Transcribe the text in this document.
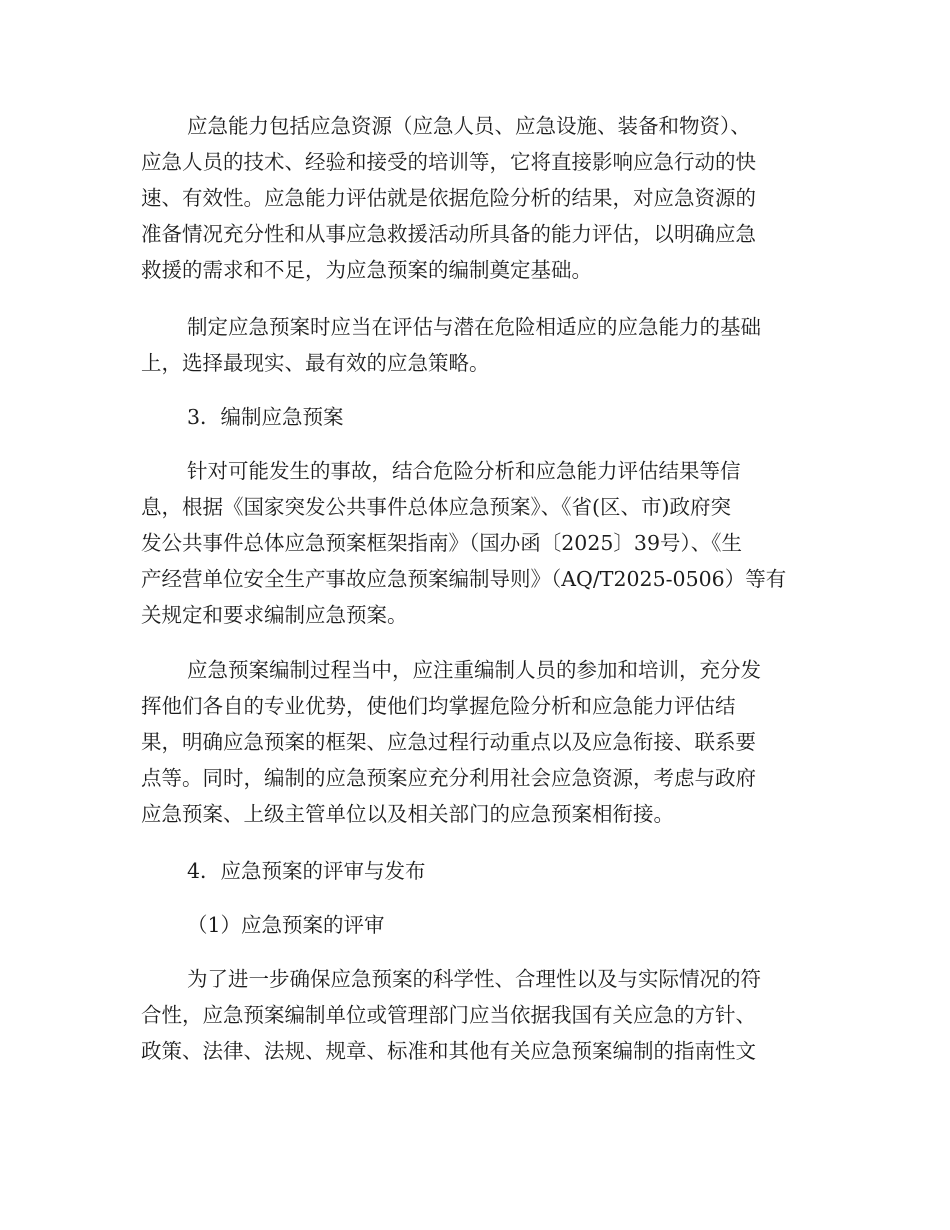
应急能力包括应急资源（应急人员、应急设施、装备和物资）、
应急人员的技术、经验和接受的培训等，它将直接影响应急行动的快
速、有效性。应急能力评估就是依据危险分析的结果，对应急资源的
准备情况充分性和从事应急救援活动所具备的能力评估，以明确应急
救援的需求和不足，为应急预案的编制奠定基础。
制定应急预案时应当在评估与潜在危险相适应的应急能力的基础
上，选择最现实、最有效的应急策略。
3．编制应急预案
针对可能发生的事故，结合危险分析和应急能力评估结果等信
息，根据《国家突发公共事件总体应急预案》、《省(区、市)政府突
发公共事件总体应急预案框架指南》（国办函〔2025〕39号）、《生
产经营单位安全生产事故应急预案编制导则》（AQ/T2025-0506）等有
关规定和要求编制应急预案。
应急预案编制过程当中，应注重编制人员的参加和培训，充分发
挥他们各自的专业优势，使他们均掌握危险分析和应急能力评估结
果，明确应急预案的框架、应急过程行动重点以及应急衔接、联系要
点等。同时，编制的应急预案应充分利用社会应急资源，考虑与政府
应急预案、上级主管单位以及相关部门的应急预案相衔接。
4．应急预案的评审与发布
（1）应急预案的评审
为了进一步确保应急预案的科学性、合理性以及与实际情况的符
合性，应急预案编制单位或管理部门应当依据我国有关应急的方针、
政策、法律、法规、规章、标准和其他有关应急预案编制的指南性文
